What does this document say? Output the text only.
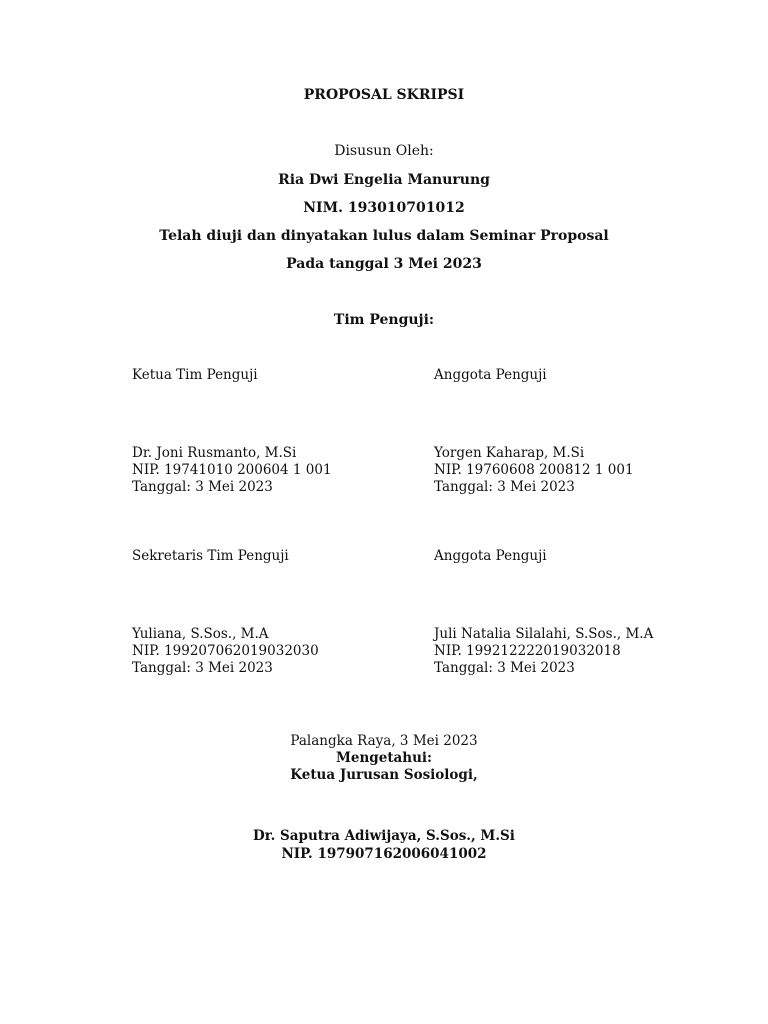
PROPOSAL SKRIPSI
Disusun Oleh:
Ria Dwi Engelia Manurung
NIM. 193010701012
Telah diuji dan dinyatakan lulus dalam Seminar Proposal
Pada tanggal 3 Mei 2023
Tim Penguji:
Ketua Tim Penguji	Anggota Penguji
Dr. Joni Rusmanto, M.Si
NIP. 19741010 200604 1 001
Tanggal: 3 Mei 2023
Yorgen Kaharap, M.Si
NIP. 19760608 200812 1 001
Tanggal: 3 Mei 2023
Sekretaris Tim Penguji	Anggota Penguji
Yuliana, S.Sos., M.A
NIP. 199207062019032030
Tanggal: 3 Mei 2023
Juli Natalia Silalahi, S.Sos., M.A
NIP. 199212222019032018
Tanggal: 3 Mei 2023
Palangka Raya, 3 Mei 2023
Mengetahui:
Ketua Jurusan Sosiologi,
Dr. Saputra Adiwijaya, S.Sos., M.Si
NIP. 197907162006041002
